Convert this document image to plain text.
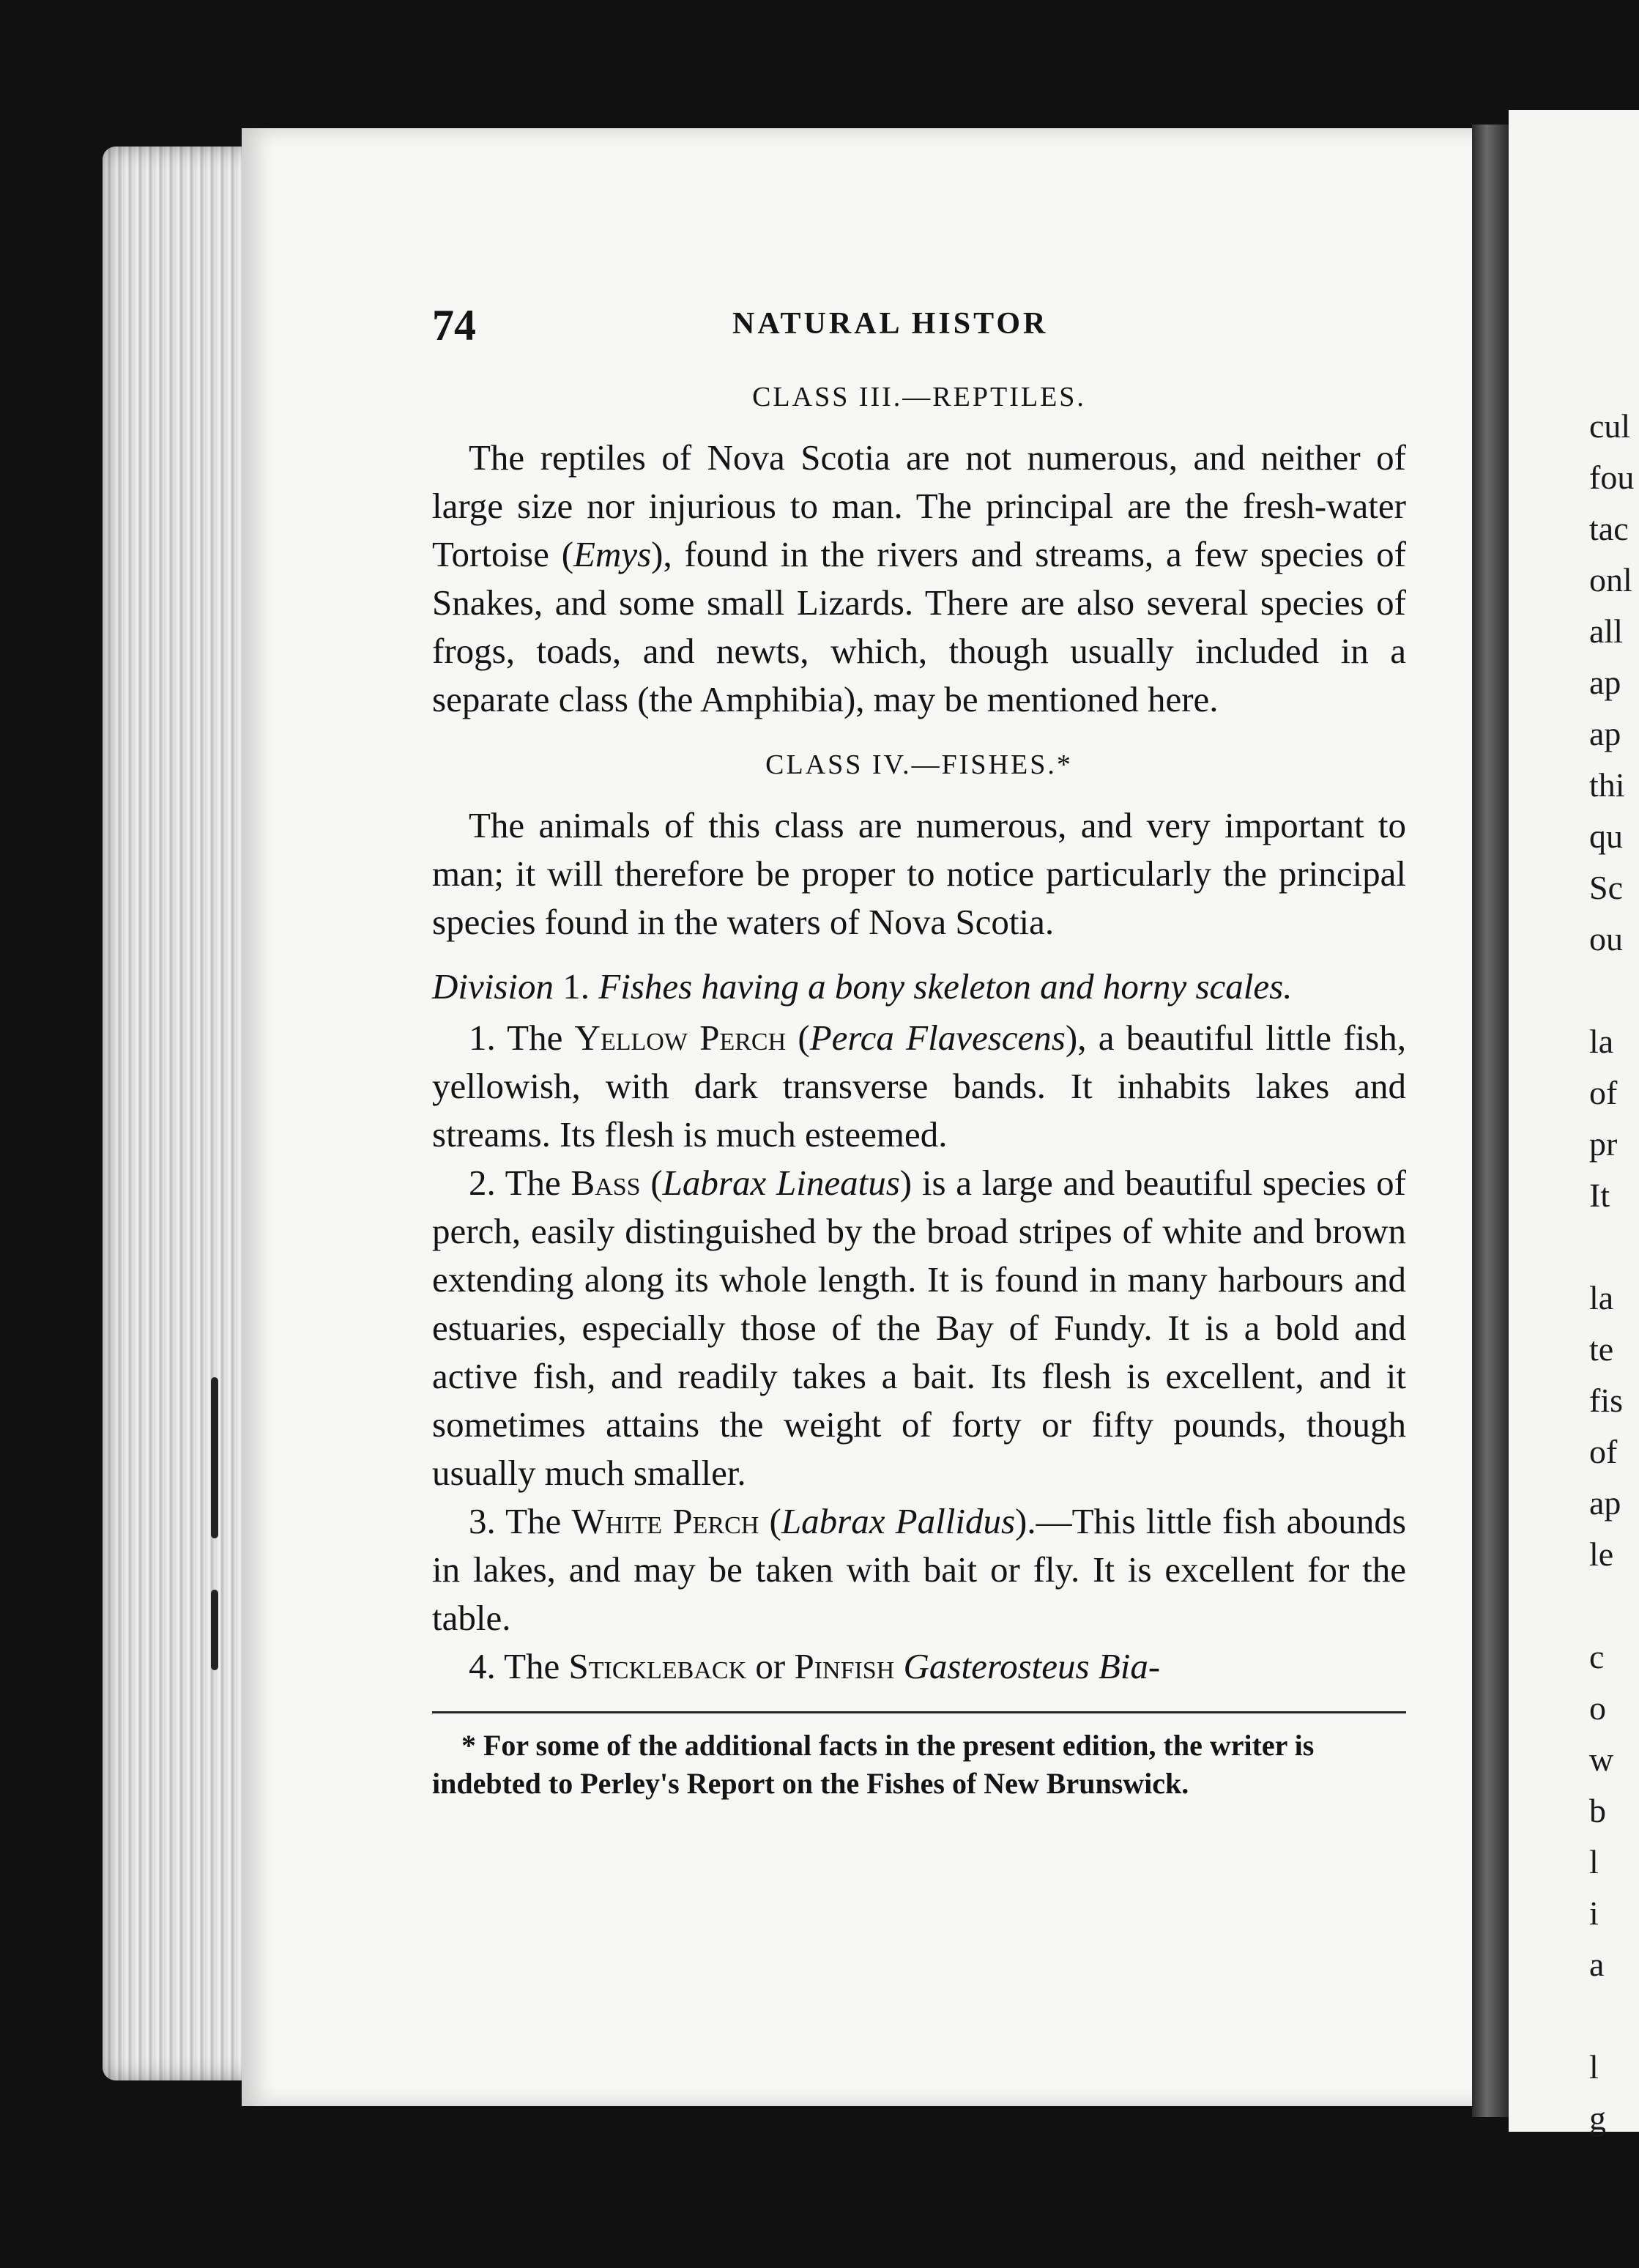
cul
fou
tac
onl
all
ap
ap
thi
qu
Sc
ou
la
of
pr
It
la
te
fis
of
ap
le
c
o
w
b
l
i
a
l
g
74	NATURAL HISTOR
CLASS III.—REPTILES.

The reptiles of Nova Scotia are not numerous, and neither of large size nor injurious to man. The principal are the fresh-water Tortoise (Emys), found in the rivers and streams, a few species of Snakes, and some small Lizards. There are also several species of frogs, toads, and newts, which, though usually included in a separate class (the Amphibia), may be mentioned here.

CLASS IV.—FISHES.*

The animals of this class are numerous, and very important to man; it will therefore be proper to notice particularly the principal species found in the waters of Nova Scotia.

Division 1. Fishes having a bony skeleton and horny scales.

1. The Yellow Perch (Perca Flavescens), a beautiful little fish, yellowish, with dark transverse bands. It inhabits lakes and streams. Its flesh is much esteemed.

2. The Bass (Labrax Lineatus) is a large and beautiful species of perch, easily distinguished by the broad stripes of white and brown extending along its whole length. It is found in many harbours and estuaries, especially those of the Bay of Fundy. It is a bold and active fish, and readily takes a bait. Its flesh is excellent, and it sometimes attains the weight of forty or fifty pounds, though usually much smaller.

3. The White Perch (Labrax Pallidus).—This little fish abounds in lakes, and may be taken with bait or fly. It is excellent for the table.

4. The Stickleback or Pinfish Gasterosteus Bia-

* For some of the additional facts in the present edition, the writer is indebted to Perley's Report on the Fishes of New Brunswick.
